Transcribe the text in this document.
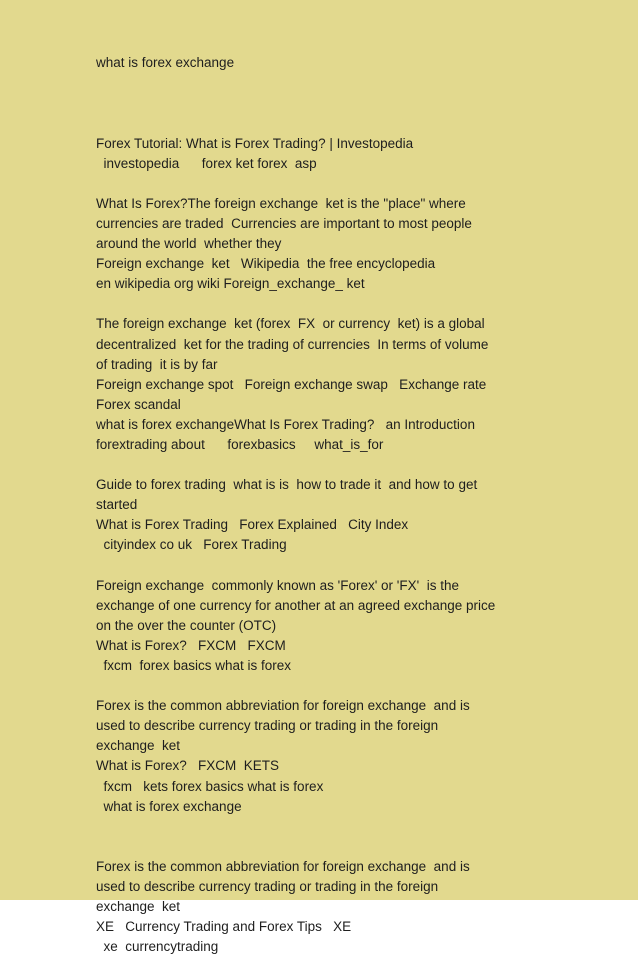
what is forex exchange

Forex Tutorial: What is Forex Trading? | Investopedia
investopedia      forex ket forex  asp
What Is Forex?The foreign exchange  ket is the "place" where
currencies are traded  Currencies are important to most people
around the world  whether they
Foreign exchange  ket   Wikipedia  the free encyclopedia
en wikipedia org wiki Foreign_exchange_ ket
The foreign exchange  ket (forex  FX  or currency  ket) is a global
decentralized  ket for the trading of currencies  In terms of volume
of trading  it is by far
Foreign exchange spot   Foreign exchange swap   Exchange rate
Forex scandal
what is forex exchangeWhat Is Forex Trading?   an Introduction
forextrading about      forexbasics     what_is_for
Guide to forex trading  what is is  how to trade it  and how to get
started
What is Forex Trading   Forex Explained   City Index
cityindex co uk   Forex Trading
Foreign exchange  commonly known as 'Forex' or 'FX'  is the
exchange of one currency for another at an agreed exchange price
on the over the counter (OTC)
What is Forex?   FXCM   FXCM
fxcm  forex basics what is forex
Forex is the common abbreviation for foreign exchange  and is
used to describe currency trading or trading in the foreign
exchange  ket
What is Forex?   FXCM  KETS
fxcm   kets forex basics what is forex
what is forex exchange
Forex is the common abbreviation for foreign exchange  and is
used to describe currency trading or trading in the foreign
exchange  ket
XE   Currency Trading and Forex Tips   XE
xe  currencytrading
